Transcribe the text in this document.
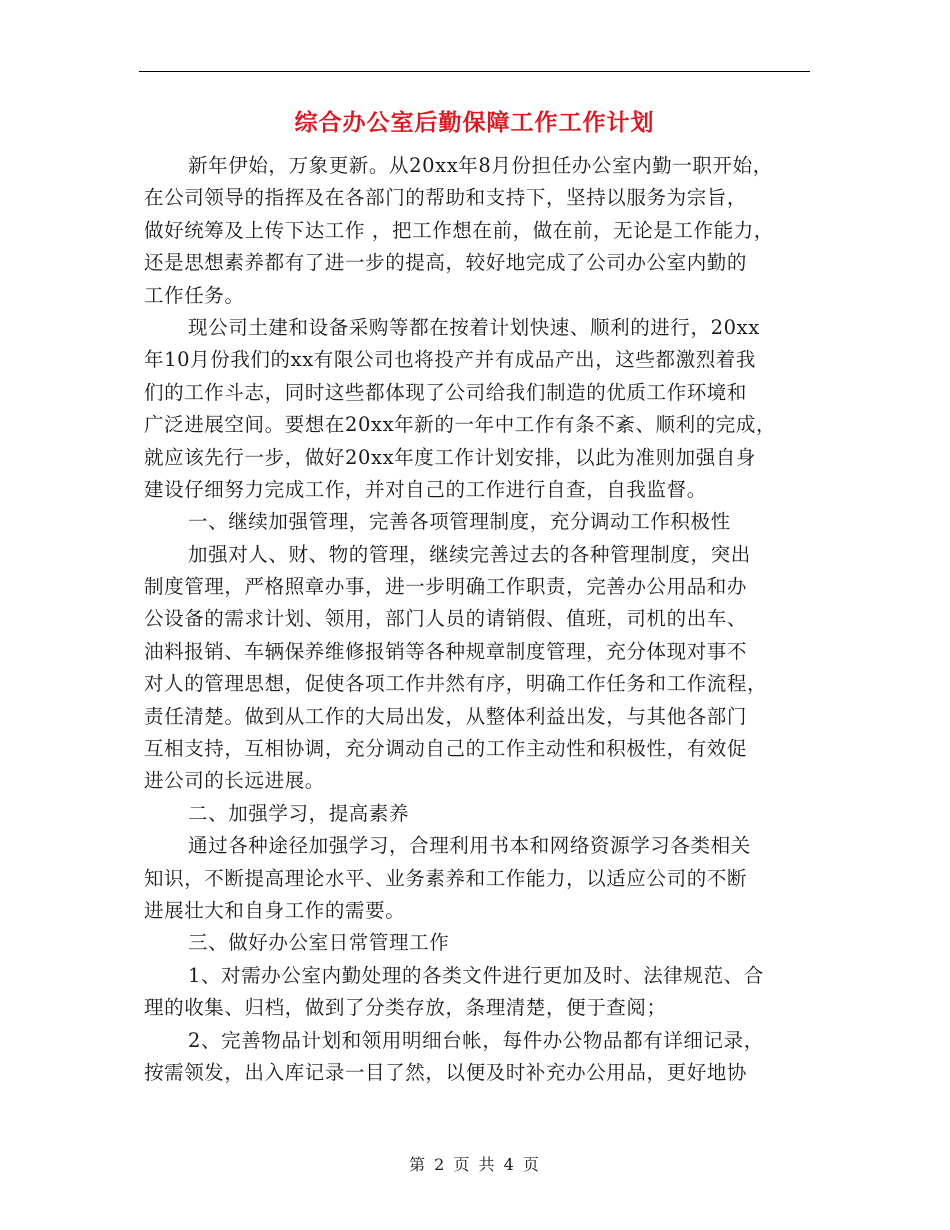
综合办公室后勤保障工作工作计划
新年伊始，万象更新。从20xx年8月份担任办公室内勤一职开始，
在公司领导的指挥及在各部门的帮助和支持下，坚持以服务为宗旨，
做好统筹及上传下达工作 ，把工作想在前，做在前，无论是工作能力，
还是思想素养都有了进一步的提高，较好地完成了公司办公室内勤的
工作任务。
现公司土建和设备采购等都在按着计划快速、顺利的进行，20xx
年10月份我们的xx有限公司也将投产并有成品产出，这些都激烈着我
们的工作斗志，同时这些都体现了公司给我们制造的优质工作环境和
广泛进展空间。要想在20xx年新的一年中工作有条不紊、顺利的完成，
就应该先行一步，做好20xx年度工作计划安排，以此为准则加强自身
建设仔细努力完成工作，并对自己的工作进行自查，自我监督。
一、继续加强管理，完善各项管理制度，充分调动工作积极性
加强对人、财、物的管理，继续完善过去的各种管理制度，突出
制度管理，严格照章办事，进一步明确工作职责，完善办公用品和办
公设备的需求计划、领用，部门人员的请销假、值班，司机的出车、
油料报销、车辆保养维修报销等各种规章制度管理，充分体现对事不
对人的管理思想，促使各项工作井然有序，明确工作任务和工作流程，
责任清楚。做到从工作的大局出发，从整体利益出发，与其他各部门
互相支持，互相协调，充分调动自己的工作主动性和积极性，有效促
进公司的长远进展。
二、加强学习，提高素养
通过各种途径加强学习，合理利用书本和网络资源学习各类相关
知识，不断提高理论水平、业务素养和工作能力，以适应公司的不断
进展壮大和自身工作的需要。
三、做好办公室日常管理工作
1、对需办公室内勤处理的各类文件进行更加及时、法律规范、合
理的收集、归档，做到了分类存放，条理清楚，便于查阅；
2、完善物品计划和领用明细台帐，每件办公物品都有详细记录，
按需领发，出入库记录一目了然，以便及时补充办公用品，更好地协
第 2 页 共 4 页
